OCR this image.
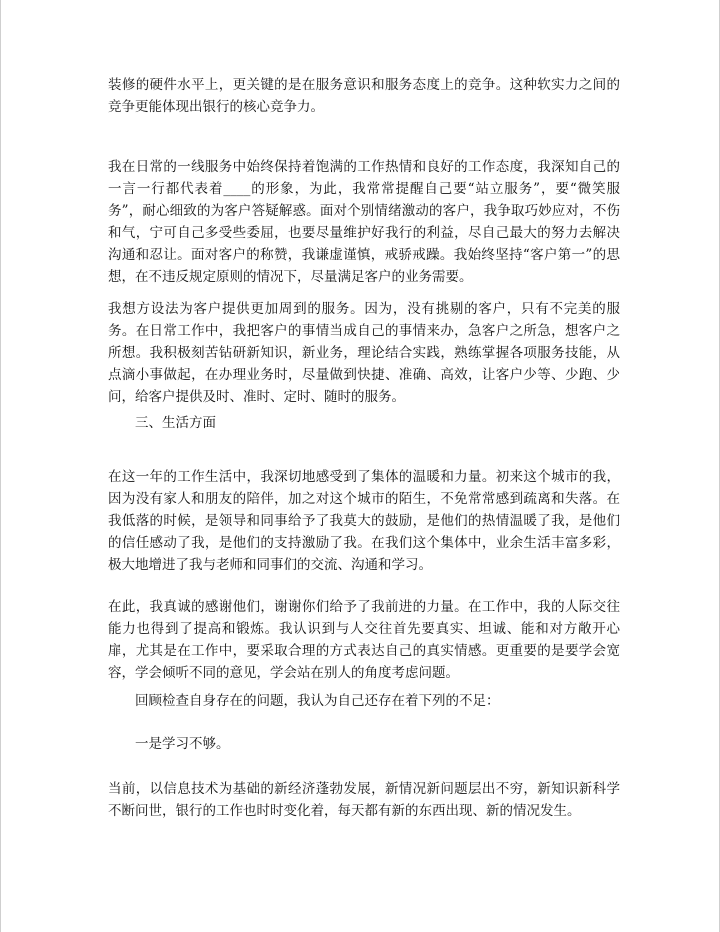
装修的硬件水平上，更关键的是在服务意识和服务态度上的竞争。这种软实力之间的竞争更能体现出银行的核心竞争力。

我在日常的一线服务中始终保持着饱满的工作热情和良好的工作态度，我深知自己的一言一行都代表着____的形象，为此，我常常提醒自己要“站立服务”，要“微笑服务”，耐心细致的为客户答疑解惑。面对个别情绪激动的客户，我争取巧妙应对，不伤和气，宁可自己多受些委屈，也要尽量维护好我行的利益，尽自己最大的努力去解决沟通和忍让。面对客户的称赞，我谦虚谨慎，戒骄戒躁。我始终坚持“客户第一”的思想，在不违反规定原则的情况下，尽量满足客户的业务需要。

我想方设法为客户提供更加周到的服务。因为，没有挑剔的客户，只有不完美的服务。在日常工作中，我把客户的事情当成自己的事情来办，急客户之所急，想客户之所想。我积极刻苦钻研新知识，新业务，理论结合实践，熟练掌握各项服务技能，从点滴小事做起，在办理业务时，尽量做到快捷、准确、高效，让客户少等、少跑、少问，给客户提供及时、准时、定时、随时的服务。

三、生活方面

在这一年的工作生活中，我深切地感受到了集体的温暖和力量。初来这个城市的我，因为没有家人和朋友的陪伴，加之对这个城市的陌生，不免常常感到疏离和失落。在我低落的时候，是领导和同事给予了我莫大的鼓励，是他们的热情温暖了我，是他们的信任感动了我，是他们的支持激励了我。在我们这个集体中，业余生活丰富多彩，极大地增进了我与老师和同事们的交流、沟通和学习。

在此，我真诚的感谢他们，谢谢你们给予了我前进的力量。在工作中，我的人际交往能力也得到了提高和锻炼。我认识到与人交往首先要真实、坦诚、能和对方敞开心扉，尤其是在工作中，要采取合理的方式表达自己的真实情感。更重要的是要学会宽容，学会倾听不同的意见，学会站在别人的角度考虑问题。

回顾检查自身存在的问题，我认为自己还存在着下列的不足：

一是学习不够。

当前，以信息技术为基础的新经济蓬勃发展，新情况新问题层出不穷，新知识新科学不断问世，银行的工作也时时变化着，每天都有新的东西出现、新的情况发生。
